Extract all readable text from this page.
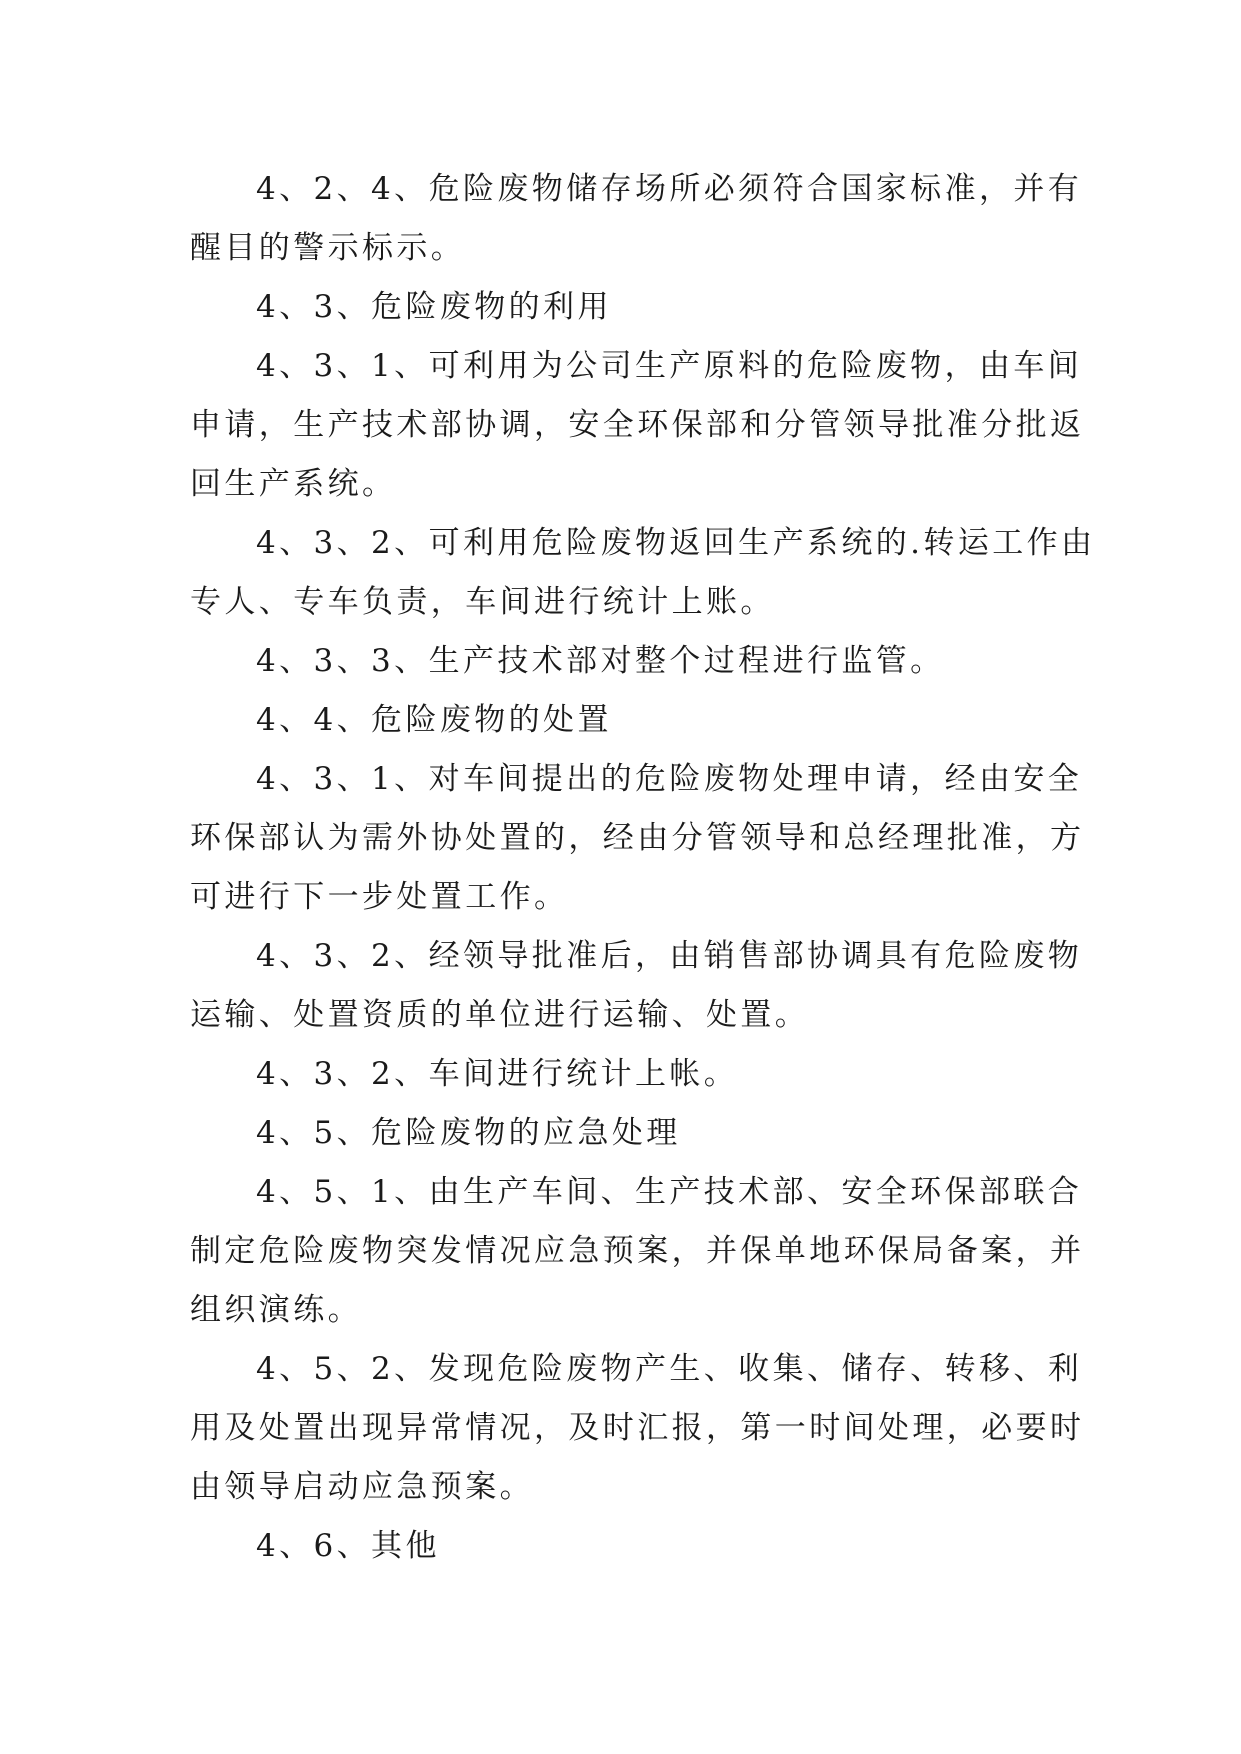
4、2、4、危险废物储存场所必须符合国家标准，并有
醒目的警示标示。
4、3、危险废物的利用
4、3、1、可利用为公司生产原料的危险废物，由车间
申请，生产技术部协调，安全环保部和分管领导批准分批返
回生产系统。
4、3、2、可利用危险废物返回生产系统的.转运工作由
专人、专车负责，车间进行统计上账。
4、3、3、生产技术部对整个过程进行监管。
4、4、危险废物的处置
4、3、1、对车间提出的危险废物处理申请，经由安全
环保部认为需外协处置的，经由分管领导和总经理批准，方
可进行下一步处置工作。
4、3、2、经领导批准后，由销售部协调具有危险废物
运输、处置资质的单位进行运输、处置。
4、3、2、车间进行统计上帐。
4、5、危险废物的应急处理
4、5、1、由生产车间、生产技术部、安全环保部联合
制定危险废物突发情况应急预案，并保单地环保局备案，并
组织演练。
4、5、2、发现危险废物产生、收集、储存、转移、利
用及处置出现异常情况，及时汇报，第一时间处理，必要时
由领导启动应急预案。
4、6、其他
